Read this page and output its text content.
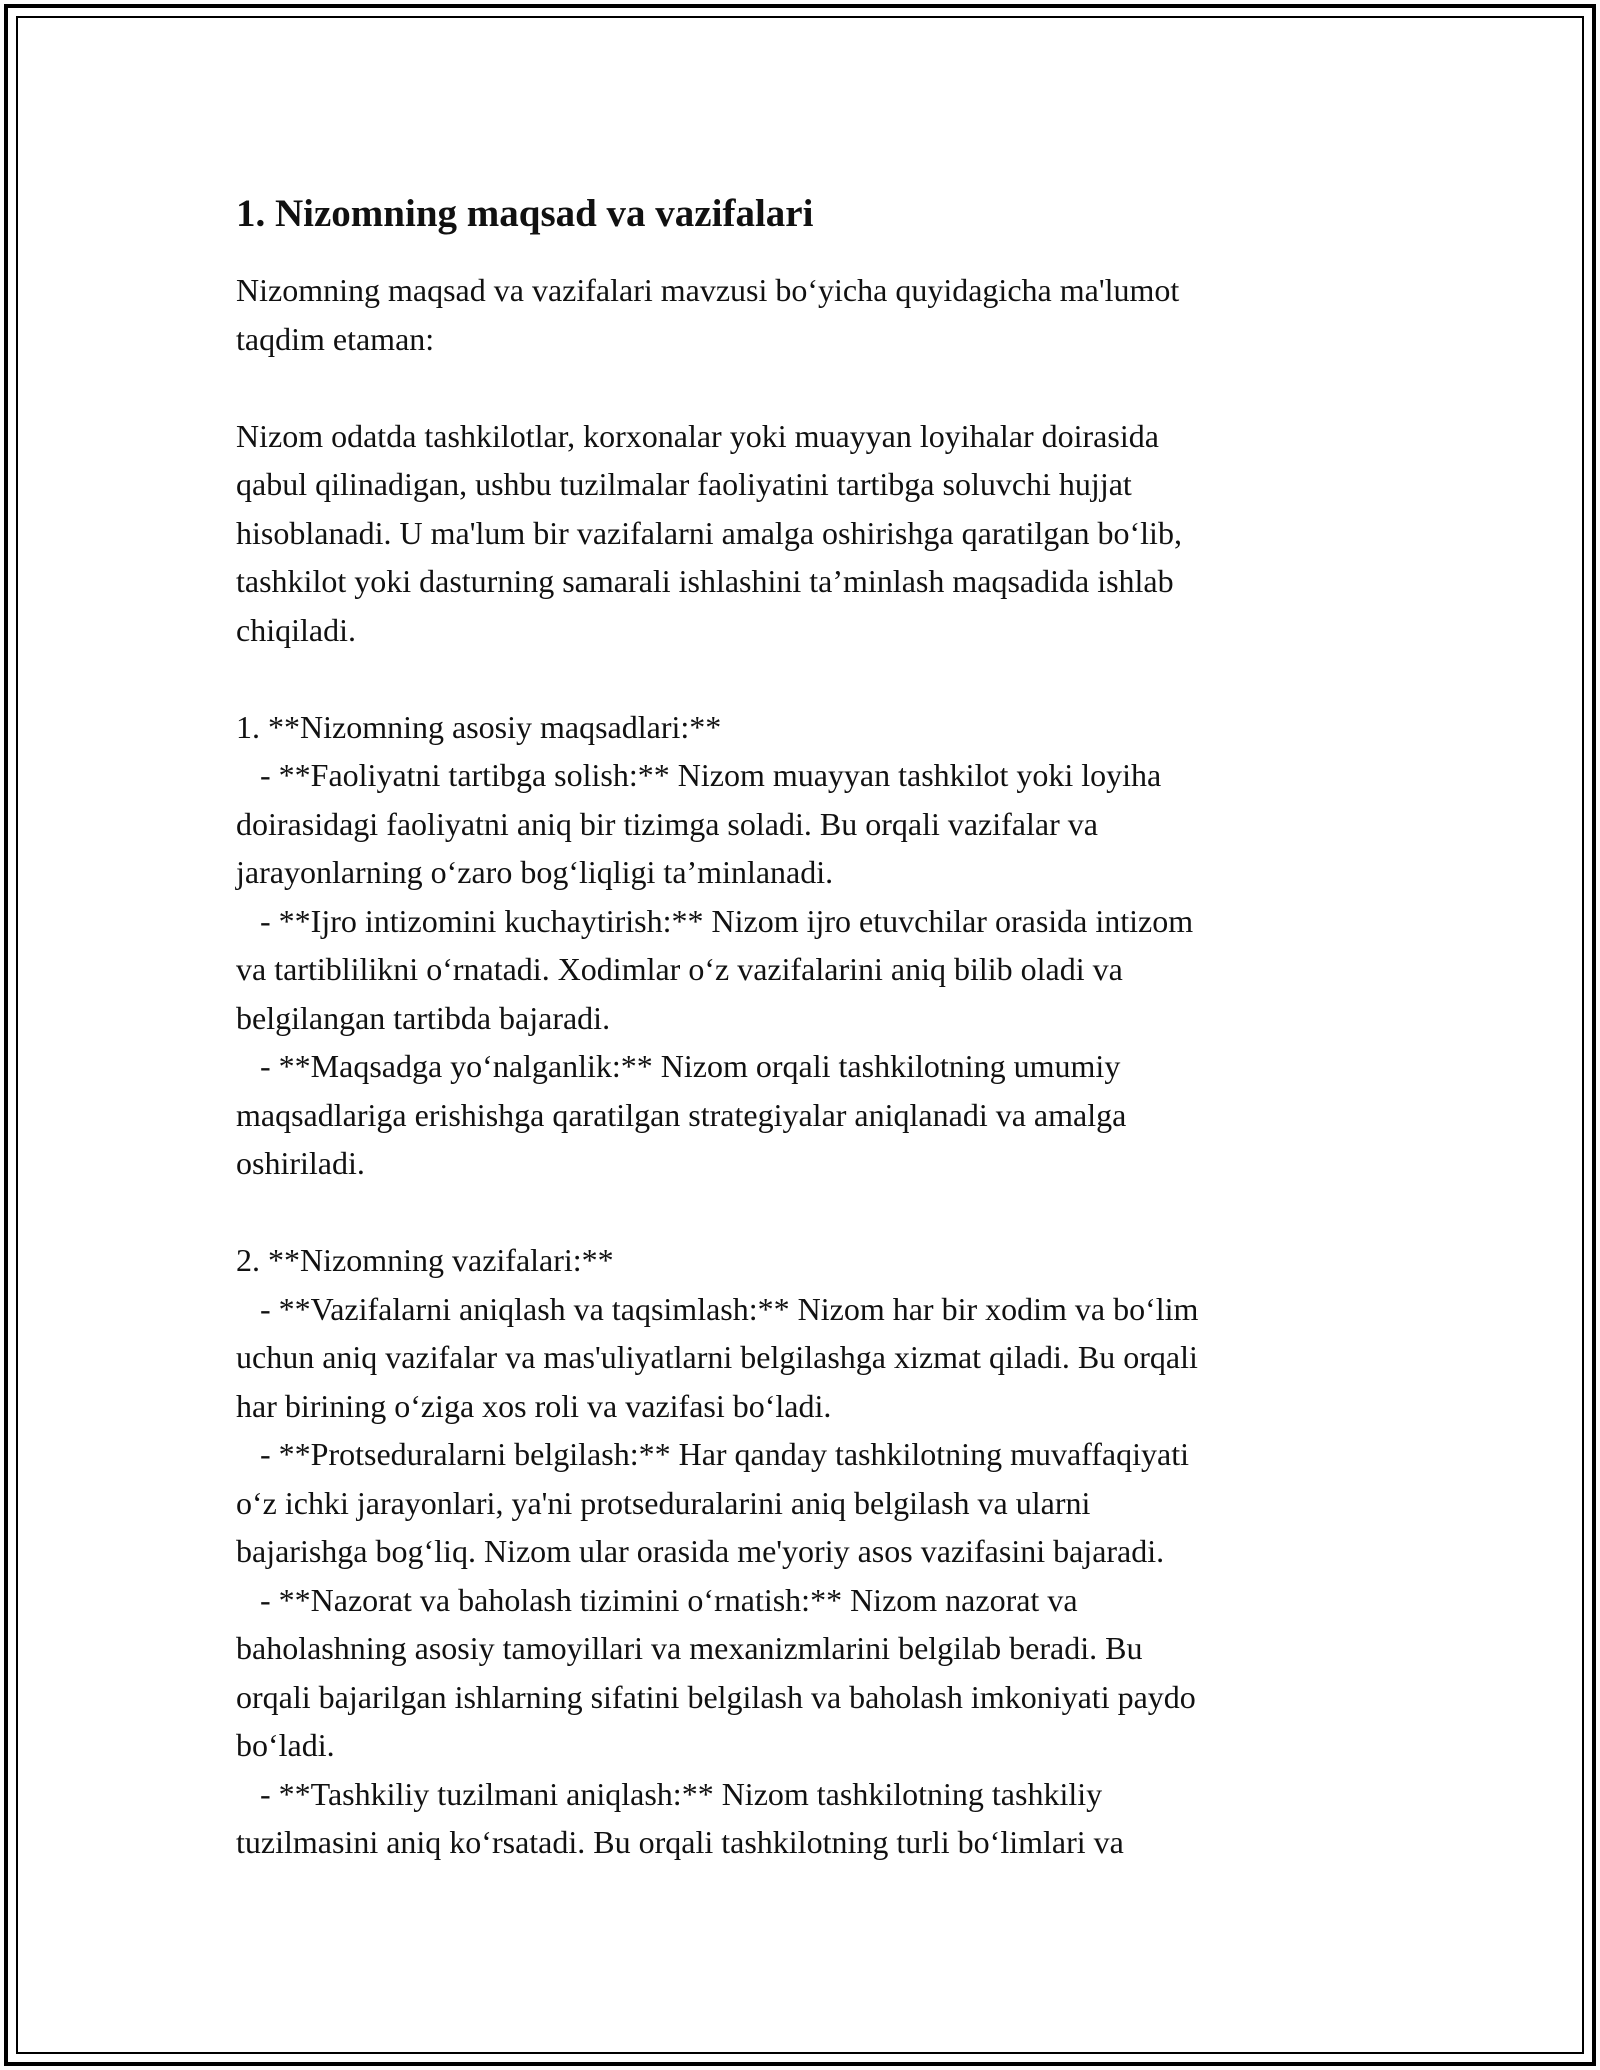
1. Nizomning maqsad va vazifalari
Nizomning maqsad va vazifalari mavzusi bo‘yicha quyidagicha ma'lumot
taqdim etaman:

Nizom odatda tashkilotlar, korxonalar yoki muayyan loyihalar doirasida
qabul qilinadigan, ushbu tuzilmalar faoliyatini tartibga soluvchi hujjat
hisoblanadi. U ma'lum bir vazifalarni amalga oshirishga qaratilgan bo‘lib,
tashkilot yoki dasturning samarali ishlashini ta’minlash maqsadida ishlab
chiqiladi.

1. **Nizomning asosiy maqsadlari:**
- **Faoliyatni tartibga solish:** Nizom muayyan tashkilot yoki loyiha
doirasidagi faoliyatni aniq bir tizimga soladi. Bu orqali vazifalar va
jarayonlarning o‘zaro bog‘liqligi ta’minlanadi.
- **Ijro intizomini kuchaytirish:** Nizom ijro etuvchilar orasida intizom
va tartiblilikni o‘rnatadi. Xodimlar o‘z vazifalarini aniq bilib oladi va
belgilangan tartibda bajaradi.
- **Maqsadga yo‘nalganlik:** Nizom orqali tashkilotning umumiy
maqsadlariga erishishga qaratilgan strategiyalar aniqlanadi va amalga
oshiriladi.

2. **Nizomning vazifalari:**
- **Vazifalarni aniqlash va taqsimlash:** Nizom har bir xodim va bo‘lim
uchun aniq vazifalar va mas'uliyatlarni belgilashga xizmat qiladi. Bu orqali
har birining o‘ziga xos roli va vazifasi bo‘ladi.
- **Protseduralarni belgilash:** Har qanday tashkilotning muvaffaqiyati
o‘z ichki jarayonlari, ya'ni protseduralarini aniq belgilash va ularni
bajarishga bog‘liq. Nizom ular orasida me'yoriy asos vazifasini bajaradi.
- **Nazorat va baholash tizimini o‘rnatish:** Nizom nazorat va
baholashning asosiy tamoyillari va mexanizmlarini belgilab beradi. Bu
orqali bajarilgan ishlarning sifatini belgilash va baholash imkoniyati paydo
bo‘ladi.
- **Tashkiliy tuzilmani aniqlash:** Nizom tashkilotning tashkiliy
tuzilmasini aniq ko‘rsatadi. Bu orqali tashkilotning turli bo‘limlari va
